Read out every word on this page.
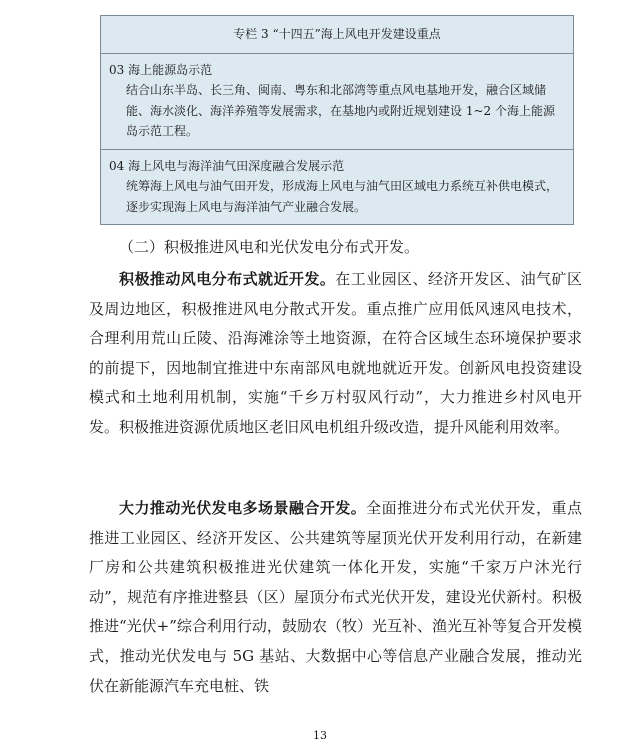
专栏 3 “十四五”海上风电开发建设重点
03 海上能源岛示范
结合山东半岛、长三角、闽南、粤东和北部湾等重点风电基地开发，融合区域储能、海水淡化、海洋养殖等发展需求，在基地内或附近规划建设 1~2 个海上能源岛示范工程。
04 海上风电与海洋油气田深度融合发展示范
统筹海上风电与油气田开发，形成海上风电与油气田区域电力系统互补供电模式，逐步实现海上风电与海洋油气产业融合发展。
（二）积极推进风电和光伏发电分布式开发。
积极推动风电分布式就近开发。在工业园区、经济开发区、油气矿区及周边地区，积极推进风电分散式开发。重点推广应用低风速风电技术，合理利用荒山丘陵、沿海滩涂等土地资源，在符合区域生态环境保护要求的前提下，因地制宜推进中东南部风电就地就近开发。创新风电投资建设模式和土地利用机制，实施“千乡万村驭风行动”，大力推进乡村风电开发。积极推进资源优质地区老旧风电机组升级改造，提升风能利用效率。
大力推动光伏发电多场景融合开发。全面推进分布式光伏开发，重点推进工业园区、经济开发区、公共建筑等屋顶光伏开发利用行动，在新建厂房和公共建筑积极推进光伏建筑一体化开发，实施“千家万户沐光行动”，规范有序推进整县（区）屋顶分布式光伏开发，建设光伏新村。积极推进“光伏+”综合利用行动，鼓励农（牧）光互补、渔光互补等复合开发模式，推动光伏发电与 5G 基站、大数据中心等信息产业融合发展，推动光伏在新能源汽车充电桩、铁
13
